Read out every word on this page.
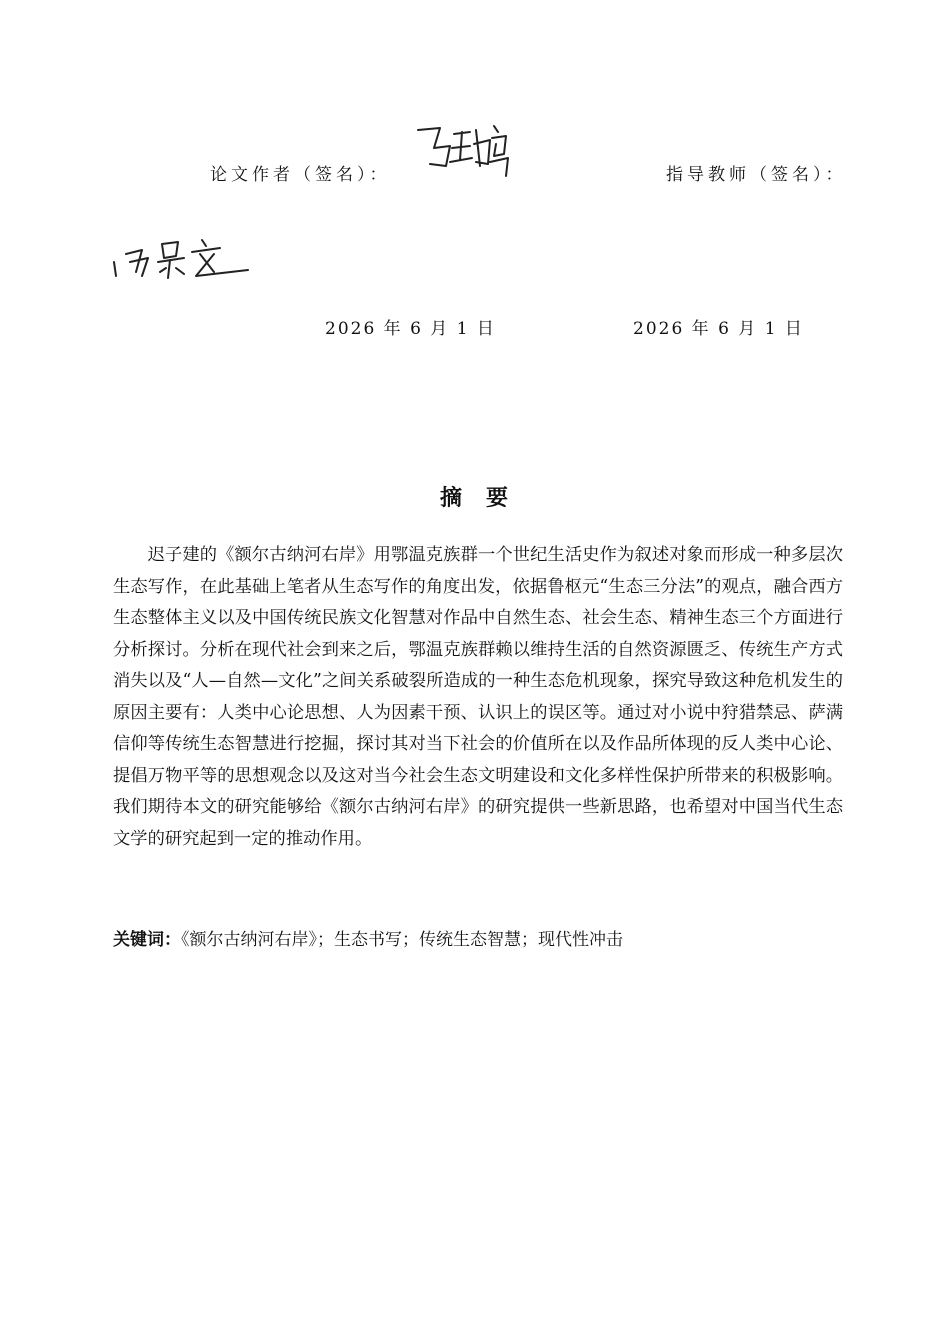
论文作者（签名）：	指导教师（签名）：
2026 年 6 月 1 日	2026 年 6 月 1 日
摘要

迟子建的《额尔古纳河右岸》用鄂温克族群一个世纪生活史作为叙述对象而形成一种多层次生态写作，在此基础上笔者从生态写作的角度出发，依据鲁枢元“生态三分法”的观点，融合西方生态整体主义以及中国传统民族文化智慧对作品中自然生态、社会生态、精神生态三个方面进行分析探讨。分析在现代社会到来之后，鄂温克族群赖以维持生活的自然资源匮乏、传统生产方式消失以及“人—自然—文化”之间关系破裂所造成的一种生态危机现象，探究导致这种危机发生的原因主要有：人类中心论思想、人为因素干预、认识上的误区等。通过对小说中狩猎禁忌、萨满信仰等传统生态智慧进行挖掘，探讨其对当下社会的价值所在以及作品所体现的反人类中心论、提倡万物平等的思想观念以及这对当今社会生态文明建设和文化多样性保护所带来的积极影响。我们期待本文的研究能够给《额尔古纳河右岸》的研究提供一些新思路，也希望对中国当代生态文学的研究起到一定的推动作用。

关键词：《额尔古纳河右岸》；生态书写；传统生态智慧；现代性冲击
